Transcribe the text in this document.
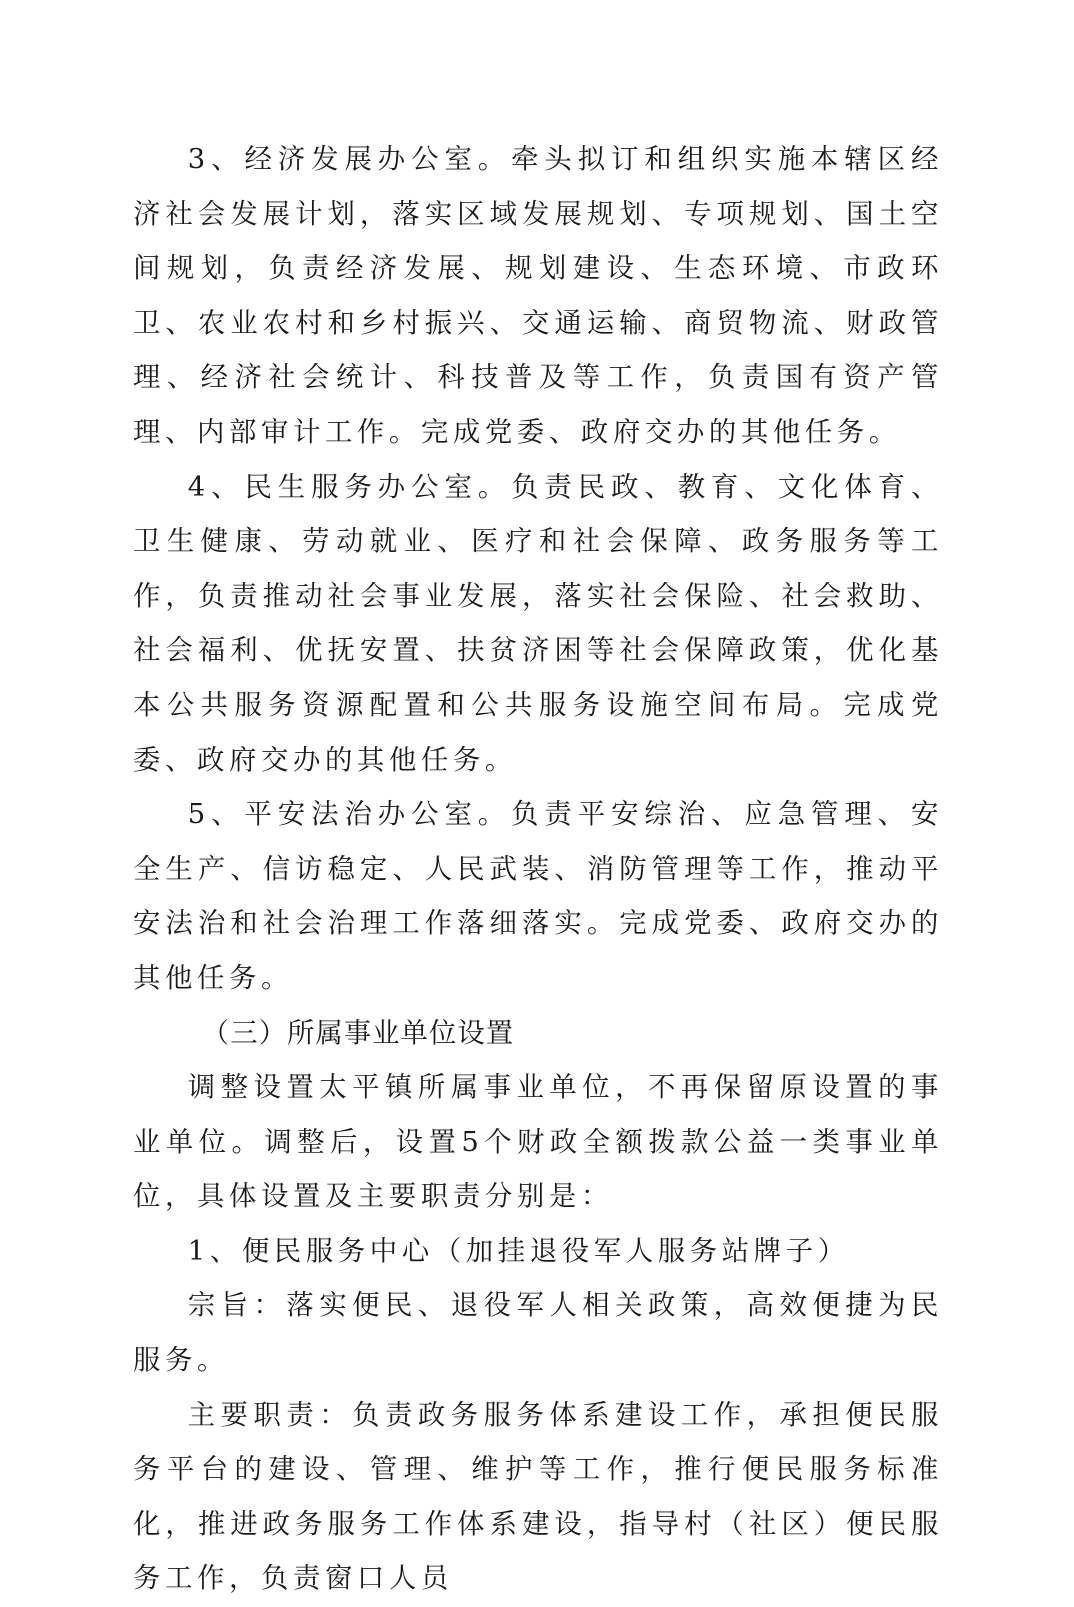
3、经济发展办公室。牵头拟订和组织实施本辖区经济社会发展计划，落实区域发展规划、专项规划、国土空间规划，负责经济发展、规划建设、生态环境、市政环卫、农业农村和乡村振兴、交通运输、商贸物流、财政管理、经济社会统计、科技普及等工作，负责国有资产管理、内部审计工作。完成党委、政府交办的其他任务。

4、民生服务办公室。负责民政、教育、文化体育、卫生健康、劳动就业、医疗和社会保障、政务服务等工作，负责推动社会事业发展，落实社会保险、社会救助、社会福利、优抚安置、扶贫济困等社会保障政策，优化基本公共服务资源配置和公共服务设施空间布局。完成党委、政府交办的其他任务。

5、平安法治办公室。负责平安综治、应急管理、安全生产、信访稳定、人民武装、消防管理等工作，推动平安法治和社会治理工作落细落实。完成党委、政府交办的其他任务。

（三）所属事业单位设置

调整设置太平镇所属事业单位，不再保留原设置的事业单位。调整后，设置5个财政全额拨款公益一类事业单位，具体设置及主要职责分别是：

1、便民服务中心（加挂退役军人服务站牌子）

宗旨：落实便民、退役军人相关政策，高效便捷为民服务。

主要职责：负责政务服务体系建设工作，承担便民服务平台的建设、管理、维护等工作，推行便民服务标准化，推进政务服务工作体系建设，指导村（社区）便民服务工作，负责窗口人员
